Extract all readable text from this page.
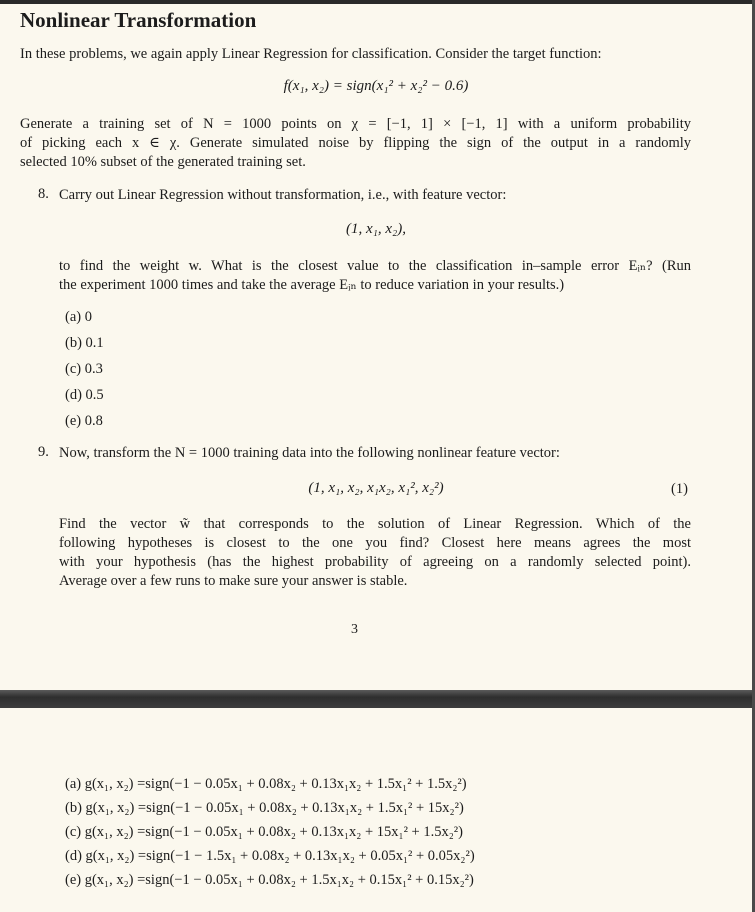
Nonlinear Transformation
In these problems, we again apply Linear Regression for classification. Consider the target function:
f(x₁, x₂) = sign(x₁² + x₂² − 0.6)
Generate a training set of N = 1000 points on χ = [−1, 1] × [−1, 1] with a uniform probability
of picking each x ∈ χ. Generate simulated noise by flipping the sign of the output in a randomly
selected 10% subset of the generated training set.
8. Carry out Linear Regression without transformation, i.e., with feature vector:
(1, x₁, x₂),
to find the weight w. What is the closest value to the classification in–sample error Eᵢₙ? (Run
the experiment 1000 times and take the average Eᵢₙ to reduce variation in your results.)
(a) 0
(b) 0.1
(c) 0.3
(d) 0.5
(e) 0.8
9. Now, transform the N = 1000 training data into the following nonlinear feature vector:
(1, x₁, x₂, x₁x₂, x₁², x₂²)	(1)
Find the vector w̃ that corresponds to the solution of Linear Regression. Which of the
following hypotheses is closest to the one you find? Closest here means agrees the most
with your hypothesis (has the highest probability of agreeing on a randomly selected point).
Average over a few runs to make sure your answer is stable.
3
(a) g(x₁, x₂) =sign(−1 − 0.05x₁ + 0.08x₂ + 0.13x₁x₂ + 1.5x₁² + 1.5x₂²)
(b) g(x₁, x₂) =sign(−1 − 0.05x₁ + 0.08x₂ + 0.13x₁x₂ + 1.5x₁² + 15x₂²)
(c) g(x₁, x₂) =sign(−1 − 0.05x₁ + 0.08x₂ + 0.13x₁x₂ + 15x₁² + 1.5x₂²)
(d) g(x₁, x₂) =sign(−1 − 1.5x₁ + 0.08x₂ + 0.13x₁x₂ + 0.05x₁² + 0.05x₂²)
(e) g(x₁, x₂) =sign(−1 − 0.05x₁ + 0.08x₂ + 1.5x₁x₂ + 0.15x₁² + 0.15x₂²)
